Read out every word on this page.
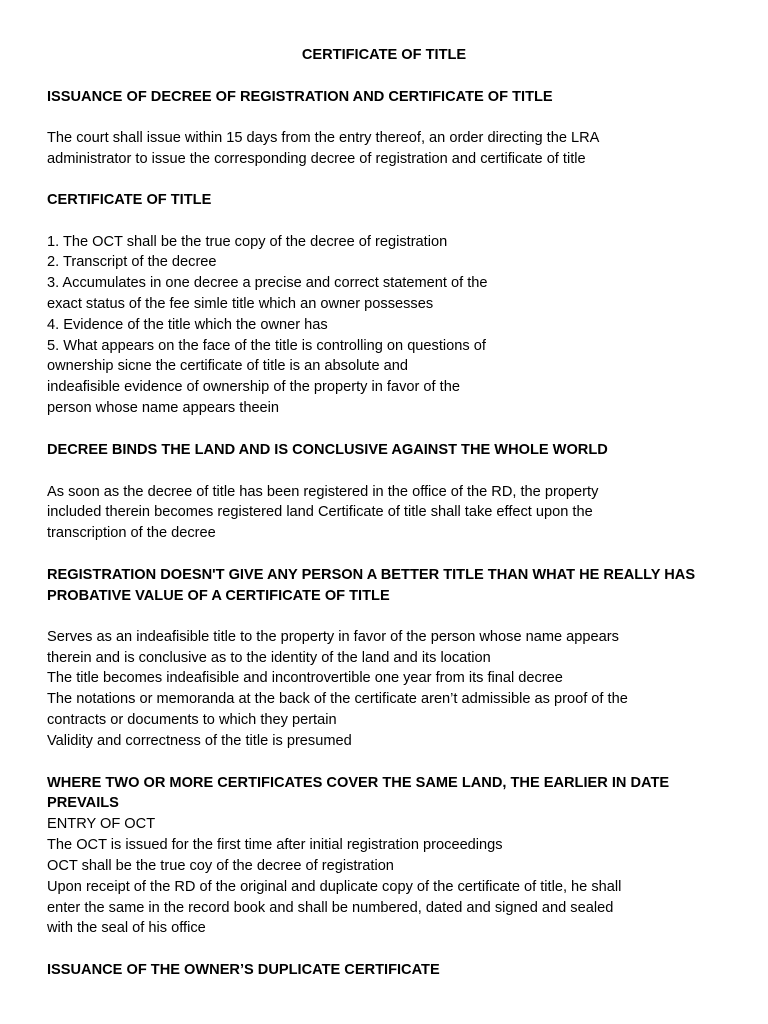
CERTIFICATE OF TITLE
ISSUANCE OF DECREE OF REGISTRATION AND CERTIFICATE OF TITLE
The court shall issue within 15 days from the entry thereof, an order directing the LRA
administrator to issue the corresponding decree of registration and certificate of title
CERTIFICATE OF TITLE
1. The OCT shall be the true copy of the decree of registration
2. Transcript of the decree
3. Accumulates in one decree a precise and correct statement of the
exact status of the fee simle title which an owner possesses
4. Evidence of the title which the owner has
5. What appears on the face of the title is controlling on questions of
ownership sicne the certificate of title is an absolute and
indeafisible evidence of ownership of the property in favor of the
person whose name appears theein
DECREE BINDS THE LAND AND IS CONCLUSIVE AGAINST THE WHOLE WORLD
As soon as the decree of title has been registered in the office of the RD, the property
included therein becomes registered land Certificate of title shall take effect upon the
transcription of the decree
REGISTRATION DOESN'T GIVE ANY PERSON A BETTER TITLE THAN WHAT HE REALLY HAS
PROBATIVE VALUE OF A CERTIFICATE OF TITLE
Serves as an indeafisible title to the property in favor of the person whose name appears
therein and is conclusive as to the identity of the land and its location
The title becomes indeafisible and incontrovertible one year from its final decree
The notations or memoranda at the back of the certificate aren’t admissible as proof of the
contracts or documents to which they pertain
Validity and correctness of the title is presumed
WHERE TWO OR MORE CERTIFICATES COVER THE SAME LAND, THE EARLIER IN DATE
PREVAILS
ENTRY OF OCT
The OCT is issued for the first time after initial registration proceedings
OCT shall be the true coy of the decree of registration
Upon receipt of the RD of the original and duplicate copy of the certificate of title, he shall
enter the same in the record book and shall be numbered, dated and signed and sealed
with the seal of his office
ISSUANCE OF THE OWNER’S DUPLICATE CERTIFICATE
